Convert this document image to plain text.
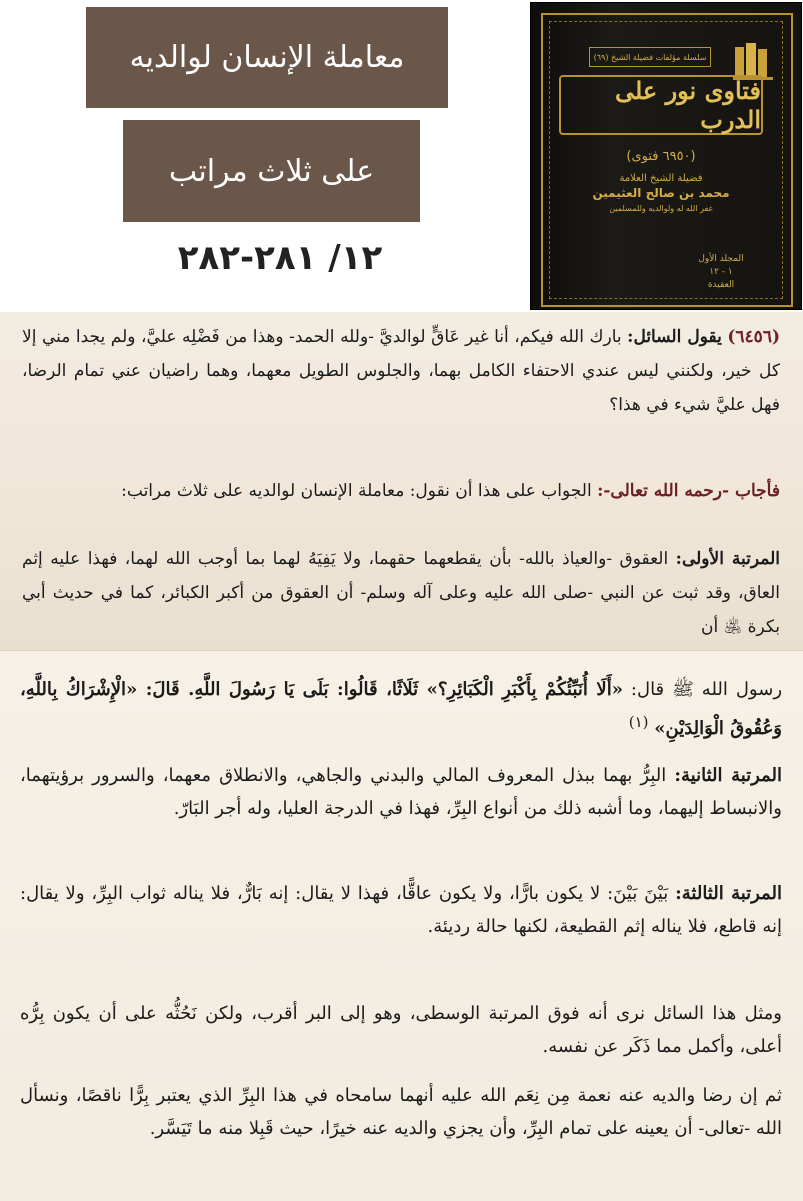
معاملة الإنسان لوالديه
على ثلاث مراتب
١٢/ ٢٨١-٢٨٢
سلسلة مؤلفات فضيلة الشيخ (٦٩)
فتاوى نور على الدرب
(٦٩٥٠ فتوى)
فضيلة الشيخ العلامة
محمد بن صالح العثيمين
غفر الله له ولوالديه وللمسلمين
المجلد الأول
١ - ١٢
العقيدة
(٦٤٥٦) يقول السائل: بارك الله فيكم، أنا غير عَاقٍّ لوالديَّ -ولله الحمد- وهذا من فَضْلِه عليَّ، ولم يجدا مني إلا كل خير، ولكنني ليس عندي الاحتفاء الكامل بهما، والجلوس الطويل معهما، وهما راضيان عني تمام الرضا، فهل عليَّ شيء في هذا؟
فأجاب -رحمه الله تعالى-: الجواب على هذا أن نقول: معاملة الإنسان لوالديه على ثلاث مراتب:
المرتبة الأولى: العقوق -والعياذ بالله- بأن يقطعهما حقهما، ولا يَفِيَهُ لهما بما أوجب الله لهما، فهذا عليه إثم العاق، وقد ثبت عن النبي -صلى الله عليه وعلى آله وسلم- أن العقوق من أكبر الكبائر، كما في حديث أبي بكرة ﵁ أن
رسول الله ﷺ قال: «أَلَا أُنَبِّئُكُمْ بِأَكْبَرِ الْكَبَائِرِ؟» ثَلَاثًا، قَالُوا: بَلَى يَا رَسُولَ اللَّهِ. قَالَ: «الْإِشْرَاكُ بِاللَّهِ، وَعُقُوقُ الْوَالِدَيْنِ» $^{(١)}$
المرتبة الثانية: البِرُّ بهما ببذل المعروف المالي والبدني والجاهي، والانطلاق معهما، والسرور برؤيتهما، والانبساط إليهما، وما أشبه ذلك من أنواع البِرِّ، فهذا في الدرجة العليا، وله أجر البَارّ.
المرتبة الثالثة: بَيْنَ بَيْنَ: لا يكون بارًّا، ولا يكون عاقًّا، فهذا لا يقال: إنه بَارٌّ، فلا يناله ثواب البِرِّ، ولا يقال: إنه قاطع، فلا يناله إثم القطيعة، لكنها حالة رديئة.
ومثل هذا السائل نرى أنه فوق المرتبة الوسطى، وهو إلى البر أقرب، ولكن نَحُثُّه على أن يكون بِرُّه أعلى، وأكمل مما ذَكَر عن نفسه.
ثم إن رضا والديه عنه نعمة مِن نِعَم الله عليه أنهما سامحاه في هذا البِرِّ الذي يعتبر بِرًّا ناقصًا، ونسأل الله -تعالى- أن يعينه على تمام البِرِّ، وأن يجزي والديه عنه خيرًا، حيث قَبِلا منه ما تَيَسَّر.
